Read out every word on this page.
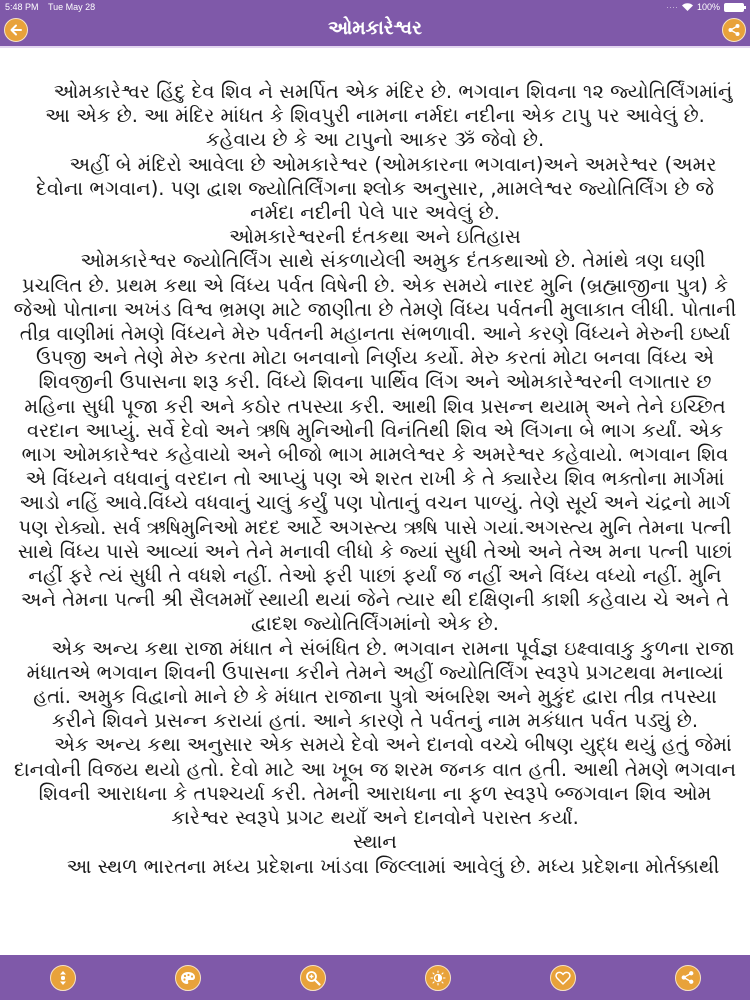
5:48 PM Tue May 28	···· 100%
ઓમકારેશ્વર

ઓમકારેશ્વર હિંદુ દેવ શિવ ને સમર્પિત એક મંદિર છે. ભગવાન શિવના ૧૨ જ્યોતિર્લિંગમાંનું આ એક છે. આ મંદિર માંધત કે શિવપુરી નામના નર્મદા નદીના એક ટાપુ પર આવેલું છે. કહેવાય છે કે આ ટાપુનો આકર ૐ જેવો છે.

અહીં બે મંદિરો આવેલા છે ઓમકારેશ્વર (ઓમકારના ભગવાન)અને અમરેશ્વર (અમર દેવોના ભગવાન). પણ દ્વાશ જ્યોતિર્લિંગના શ્લોક અનુસાર, ,મામલેશ્વર જ્યોતિર્લિંગ છે જે નર્મદા નદીની પેલે પાર અવેલું છે.

ઓમકારેશ્વરની દંતકથા અને ઇતિહાસ

ઓમકારેશ્વર જ્યોતિર્લિંગ સાથે સંકળાયેલી અમુક દંતકથાઓ છે. તેમાંથે ત્રણ ઘણી પ્રચલિત છે. પ્રથમ કથા એ વિંધ્ય પર્વત વિષેની છે. એક સમયે નારદ મુનિ (બ્રહ્માજીના પુત્ર) કે જેઓ પોતાના અખંડ વિશ્વ ભ્રમણ માટે જાણીતા છે તેમણે વિંધ્ય પર્વતની મુલાકાત લીધી. પોતાની તીવ્ર વાણીમાં તેમણે વિંધ્યને મેરુ પર્વતની મહાનતા સંભળાવી. આને કરણે વિંધ્યને મેરુની ઇર્ષ્યા ઉપજી અને તેણે મેરુ કરતા મોટા બનવાનો નિર્ણય કર્યો. મેરુ કરતાં મોટા બનવા વિંધ્ય એ શિવજીની ઉપાસના શરૂ કરી. વિંધ્યે શિવના પાર્થિવ લિંગ અને ઓમકારેશ્વરની લગાતાર છ મહિના સુધી પૂજા કરી અને કઠોર તપસ્યા કરી. આથી શિવ પ્રસન્ન થયામ્ અને તેને ઇચ્છિત વરદાન આપ્યું. સર્વે દેવો અને ઋષિ મુનિઓની વિનંતિથી શિવ એ લિંગના બે ભાગ કર્યાં. એક ભાગ ઓમકારેશ્વર કહેવાયો અને બીજો ભાગ મામલેશ્વર કે અમરેશ્વર કહેવાયો. ભગવાન શિવ એ વિંધ્યને વધવાનું વરદાન તો આપ્યું પણ એ શરત રાખી કે તે ક્યારેય શિવ ભક્તોના માર્ગમાં આડો નહિં આવે.વિંધ્યે વધવાનું ચાલું કર્યું પણ પોતાનું વચન પાળ્યું. તેણે સૂર્ય અને ચંદ્રનો માર્ગ પણ રોક્યો. સર્વ ઋષિમુનિઓ મદદ આર્ટે અગસ્ત્ય ઋષિ પાસે ગયાં.અગસ્ત્ય મુનિ તેમના પત્ની સાથે વિંધ્ય પાસે આવ્યાં અને તેને મનાવી લીધો કે જ્યાં સુધી તેઓ અને તેઅ મના પત્ની પાછાં નહીં ફરે ત્યં સુધી તે વધશે નહીં. તેઓ ફરી પાછાં ફર્યાં જ નહીં અને વિંધ્ય વધ્યો નહીં. મુનિ અને તેમના પત્ની શ્રી સૈલમમાઁ સ્થાયી થયાં જેને ત્યાર થી દક્ષિણની કાશી કહેવાય ચે અને તે દ્વાદશ જ્યોતિર્લિંગમાંનો એક છે.

એક અન્ય કથા રાજા મંધાત ને સંબંધિત છે. ભગવાન રામના પૂર્વજ્ઞ ઇક્ષ્વાવાકુ કુળના રાજા મંધાતએ ભગવાન શિવની ઉપાસના કરીને તેમને અહીં જ્યોતિર્લિંગ સ્વરૂપે પ્રગટથવા મનાવ્યાં હતાં. અમુક વિદ્વાનો માને છે કે મંધાત રાજાના પુત્રો અંબરિશ અને મુકુંદ દ્વારા તીવ્ર તપસ્યા કરીને શિવને પ્રસન્ન કરાયાં હતાં. આને કારણે તે પર્વતનું નામ મકંધાત પર્વત પડ્યું છે.

એક અન્ય કથા અનુસાર એક સમયે દેવો અને દાનવો વચ્ચે બીષણ યુદ્ધ થયું હતું જેમાં દાનવોની વિજય થયો હતો. દેવો માટે આ ખૂબ જ શરમ જનક વાત હતી. આથી તેમણે ભગવાન શિવની આરાધના કે તપશ્ચર્યા કરી. તેમની આરાધના ના ફળ સ્વરૂપે બ્જગવાન શિવ ઓમ કારેશ્વર સ્વરૂપે પ્રગટ થયાઁ અને દાનવોને પરાસ્ત કર્યાં.

સ્થાન

આ સ્થળ ભારતના મધ્ય પ્રદેશના ખાંડવા જિલ્લામાં આવેલું છે. મધ્ય પ્રદેશના મોર્તક્કાથી
